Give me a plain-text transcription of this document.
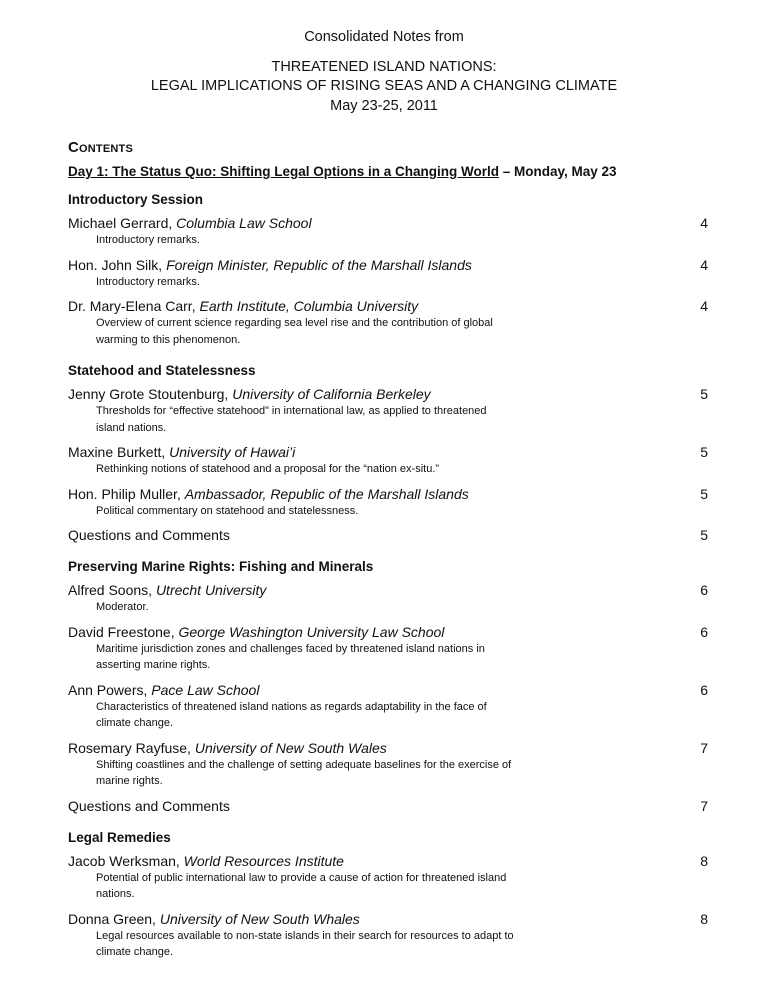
Consolidated Notes from
THREATENED ISLAND NATIONS:
LEGAL IMPLICATIONS OF RISING SEAS AND A CHANGING CLIMATE
May 23-25, 2011
Contents
Day 1: The Status Quo: Shifting Legal Options in a Changing World – Monday, May 23
Introductory Session
Michael Gerrard, Columbia Law School	4
Introductory remarks.
Hon. John Silk, Foreign Minister, Republic of the Marshall Islands	4
Introductory remarks.
Dr. Mary-Elena Carr, Earth Institute, Columbia University	4
Overview of current science regarding sea level rise and the contribution of global warming to this phenomenon.
Statehood and Statelessness
Jenny Grote Stoutenburg, University of California Berkeley	5
Thresholds for “effective statehood” in international law, as applied to threatened island nations.
Maxine Burkett, University of Hawai’i	5
Rethinking notions of statehood and a proposal for the “nation ex-situ.”
Hon. Philip Muller, Ambassador, Republic of the Marshall Islands	5
Political commentary on statehood and statelessness.
Questions and Comments	5
Preserving Marine Rights: Fishing and Minerals
Alfred Soons, Utrecht University	6
Moderator.
David Freestone, George Washington University Law School	6
Maritime jurisdiction zones and challenges faced by threatened island nations in asserting marine rights.
Ann Powers, Pace Law School	6
Characteristics of threatened island nations as regards adaptability in the face of climate change.
Rosemary Rayfuse, University of New South Wales	7
Shifting coastlines and the challenge of setting adequate baselines for the exercise of marine rights.
Questions and Comments	7
Legal Remedies
Jacob Werksman, World Resources Institute	8
Potential of public international law to provide a cause of action for threatened island nations.
Donna Green, University of New South Whales	8
Legal resources available to non-state islands in their search for resources to adapt to climate change.
